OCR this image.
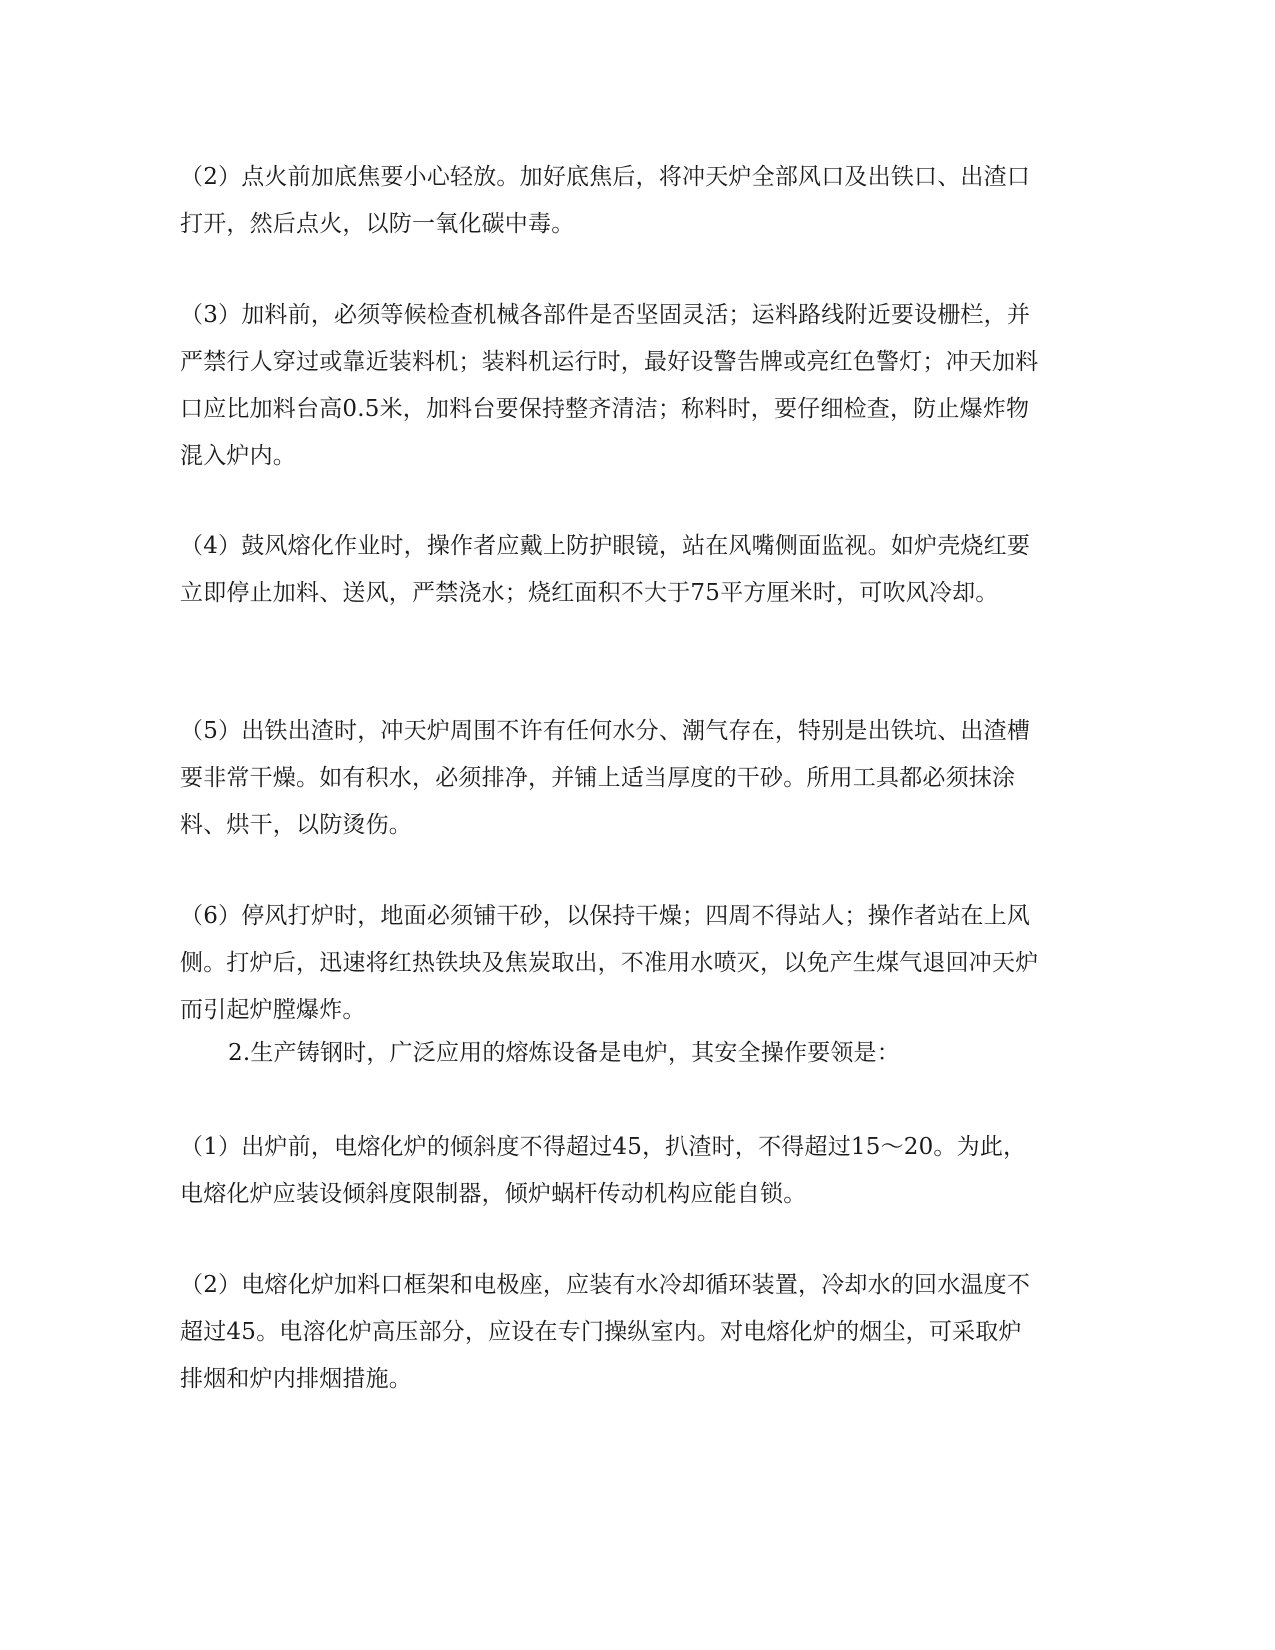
（2）点火前加底焦要小心轻放。加好底焦后，将冲天炉全部风口及出铁口、出渣口打开，然后点火，以防一氧化碳中毒。

（3）加料前，必须等候检查机械各部件是否坚固灵活；运料路线附近要设栅栏，并严禁行人穿过或靠近装料机；装料机运行时，最好设警告牌或亮红色警灯；冲天加料口应比加料台高0.5米，加料台要保持整齐清洁；称料时，要仔细检查，防止爆炸物混入炉内。

（4）鼓风熔化作业时，操作者应戴上防护眼镜，站在风嘴侧面监视。如炉壳烧红要立即停止加料、送风，严禁浇水；烧红面积不大于75平方厘米时，可吹风冷却。

（5）出铁出渣时，冲天炉周围不许有任何水分、潮气存在，特别是出铁坑、出渣槽要非常干燥。如有积水，必须排净，并铺上适当厚度的干砂。所用工具都必须抹涂料、烘干，以防烫伤。

（6）停风打炉时，地面必须铺干砂，以保持干燥；四周不得站人；操作者站在上风侧。打炉后，迅速将红热铁块及焦炭取出，不准用水喷灭，以免产生煤气退回冲天炉而引起炉膛爆炸。

2.生产铸钢时，广泛应用的熔炼设备是电炉，其安全操作要领是：

（1）出炉前，电熔化炉的倾斜度不得超过45，扒渣时，不得超过15～20。为此，电熔化炉应装设倾斜度限制器，倾炉蜗杆传动机构应能自锁。

（2）电熔化炉加料口框架和电极座，应装有水冷却循环装置，冷却水的回水温度不超过45。电溶化炉高压部分，应设在专门操纵室内。对电熔化炉的烟尘，可采取炉排烟和炉内排烟措施。
